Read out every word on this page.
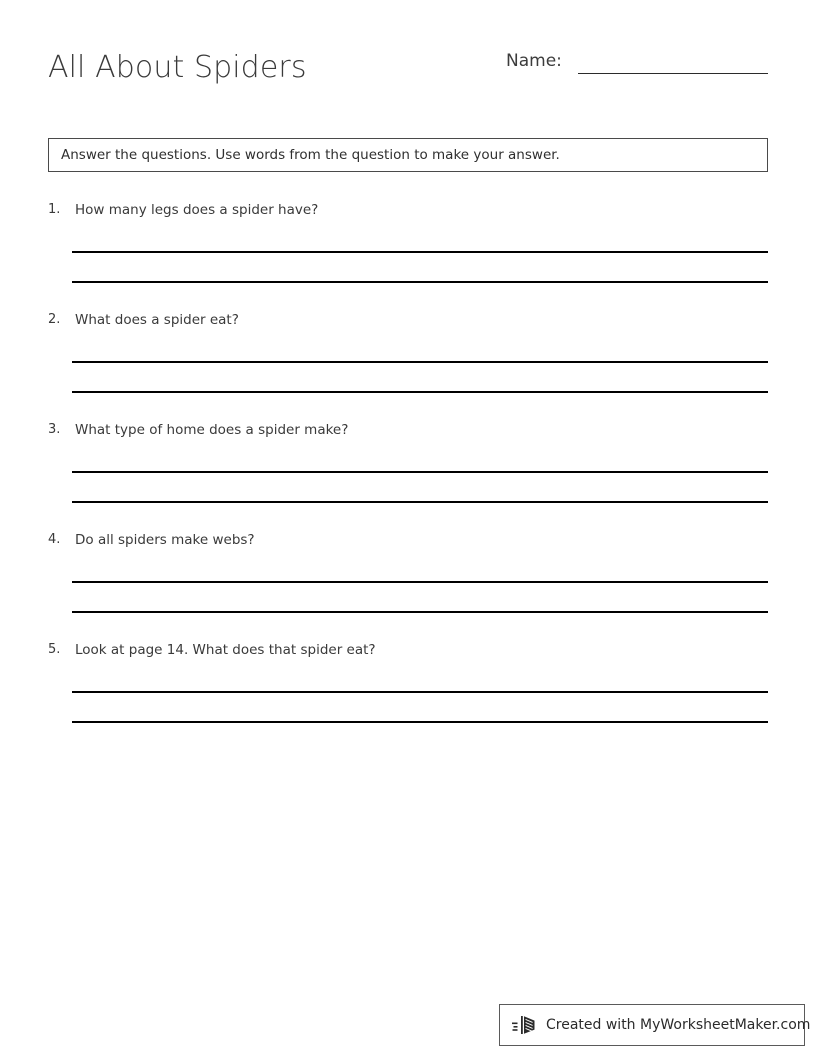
All About Spiders	Name:
Answer the questions. Use words from the question to make your answer.
1.	How many legs does a spider have?
2.	What does a spider eat?
3.	What type of home does a spider make?
4.	Do all spiders make webs?
5.	Look at page 14. What does that spider eat?
Created with MyWorksheetMaker.com
